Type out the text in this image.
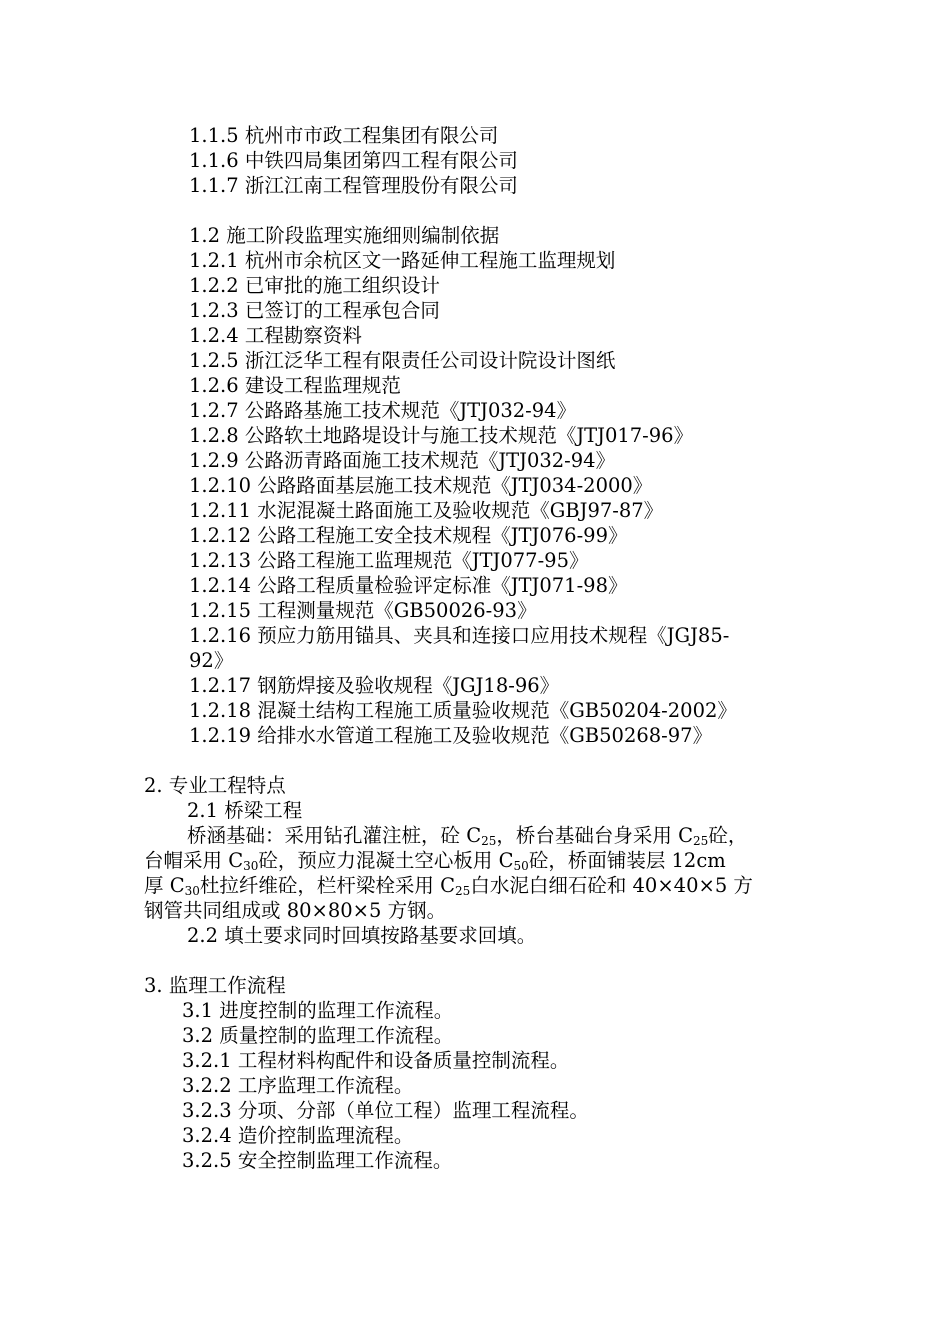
1.1.5 杭州市市政工程集团有限公司
1.1.6 中铁四局集团第四工程有限公司
1.1.7 浙江江南工程管理股份有限公司
1.2 施工阶段监理实施细则编制依据
1.2.1 杭州市余杭区文一路延伸工程施工监理规划
1.2.2 已审批的施工组织设计
1.2.3 已签订的工程承包合同
1.2.4 工程勘察资料
1.2.5 浙江泛华工程有限责任公司设计院设计图纸
1.2.6 建设工程监理规范
1.2.7 公路路基施工技术规范《JTJ032-94》
1.2.8 公路软土地路堤设计与施工技术规范《JTJ017-96》
1.2.9 公路沥青路面施工技术规范《JTJ032-94》
1.2.10 公路路面基层施工技术规范《JTJ034-2000》
1.2.11 水泥混凝土路面施工及验收规范《GBJ97-87》
1.2.12 公路工程施工安全技术规程《JTJ076-99》
1.2.13 公路工程施工监理规范《JTJ077-95》
1.2.14 公路工程质量检验评定标准《JTJ071-98》
1.2.15 工程测量规范《GB50026-93》
1.2.16 预应力筋用锚具、夹具和连接口应用技术规程《JGJ85-
92》
1.2.17 钢筋焊接及验收规程《JGJ18-96》
1.2.18 混凝土结构工程施工质量验收规范《GB50204-2002》
1.2.19 给排水水管道工程施工及验收规范《GB50268-97》
2. 专业工程特点
2.1 桥梁工程
桥涵基础：采用钻孔灌注桩，砼 $C_{25}$，桥台基础台身采用 $C_{25}$砼，
台帽采用 $C_{30}$砼，预应力混凝土空心板用 $C_{50}$砼，桥面铺装层 12cm
厚 $C_{30}$杜拉纤维砼，栏杆梁栓采用 $C_{25}$白水泥白细石砼和 40×40×5 方
钢管共同组成或 80×80×5 方钢。
2.2 填土要求同时回填按路基要求回填。
3. 监理工作流程
3.1 进度控制的监理工作流程。
3.2 质量控制的监理工作流程。
3.2.1 工程材料构配件和设备质量控制流程。
3.2.2 工序监理工作流程。
3.2.3 分项、分部（单位工程）监理工程流程。
3.2.4 造价控制监理流程。
3.2.5 安全控制监理工作流程。
